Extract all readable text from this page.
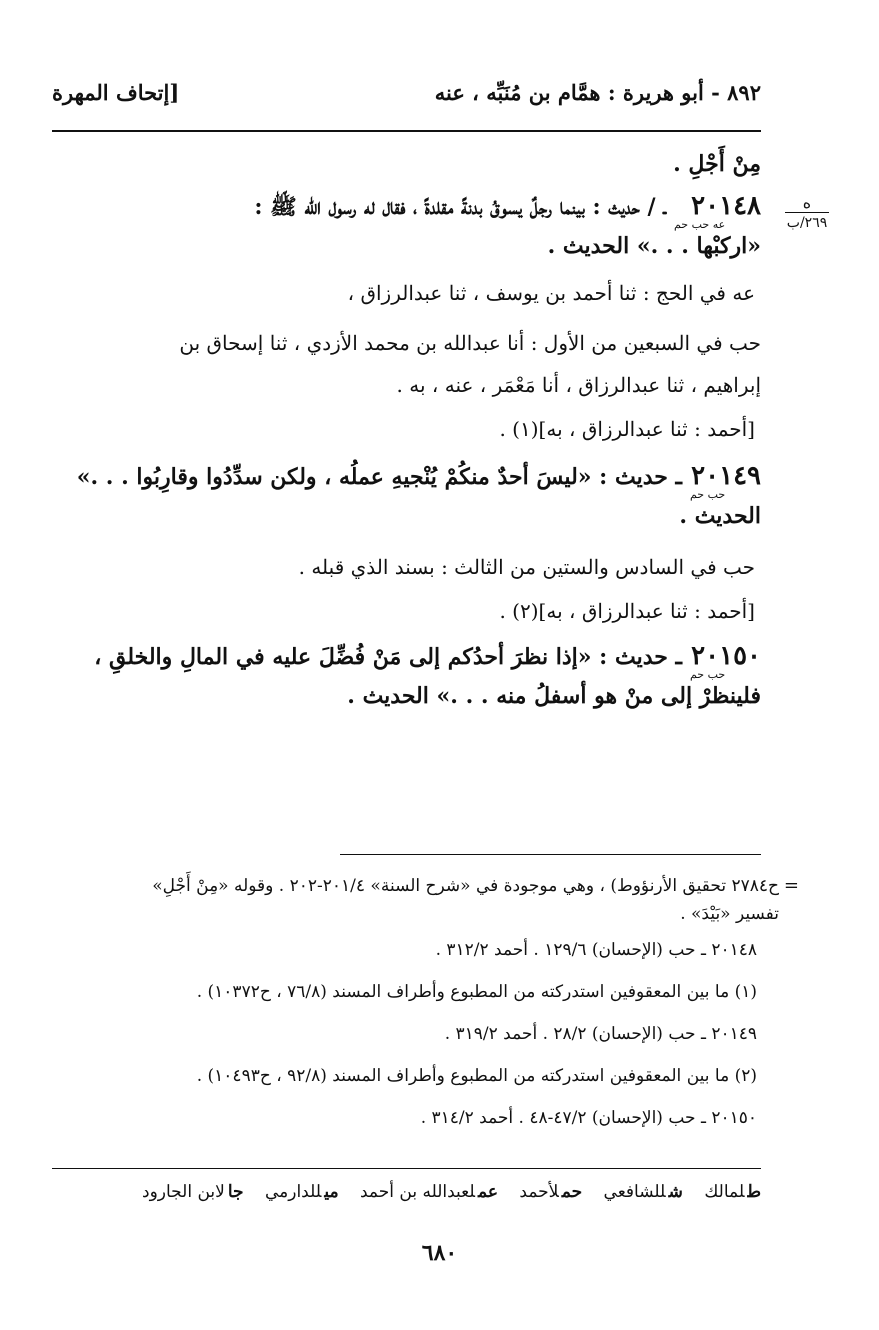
٨٩٢ - أبو هريرة : همَّام بن مُنَبِّه ، عنه
[إتحاف المهرة
ه
٢٦٩/ب
مِنْ أَجْلِ .
٢٠١٤٨عه حب حمـ / حديث : بينما رجلٌ يسوقُ بدنةً مقلدةً ، فقال له رسول الله ﷺ :
«اركبْها . . .» الحديث .
عه في الحج : ثنا أحمد بن يوسف ، ثنا عبدالرزاق ،
حب في السبعين من الأول : أنا عبدالله بن محمد الأزدي ، ثنا إسحاق بن
إبراهيم ، ثنا عبدالرزاق ، أنا مَعْمَر ، عنه ، به .
[أحمد : ثنا عبدالرزاق ، به](١) .
٢٠١٤٩حب حمـ حديث : «ليسَ أحدٌ منكُمْ يُنْجيهِ عملُه ، ولكن سدِّدُوا وقارِبُوا . . .»
الحديث .
حب في السادس والستين من الثالث : بسند الذي قبله .
[أحمد : ثنا عبدالرزاق ، به](٢) .
٢٠١٥٠حب حمـ حديث : «إذا نظرَ أحدُكم إلى مَنْ فُضِّلَ عليه في المالِ والخلقِ ،
فلينظرْ إلى منْ هو أسفلُ منه . . .» الحديث .
=
ح٢٧٨٤ تحقيق الأرنؤوط) ، وهي موجودة في «شرح السنة» ٢٠١/٤-٢٠٢ . وقوله «مِنْ أَجْلِ»
تفسير «بَيْدَ» .
٢٠١٤٨ ـ حب (الإحسان) ١٢٩/٦ . أحمد ٣١٢/٢ .
(١) ما بين المعقوفين استدركته من المطبوع وأطراف المسند (٧٦/٨ ، ح١٠٣٧٢) .
٢٠١٤٩ ـ حب (الإحسان) ٢٨/٢ . أحمد ٣١٩/٢ .
(٢) ما بين المعقوفين استدركته من المطبوع وأطراف المسند (٩٢/٨ ، ح١٠٤٩٣) .
٢٠١٥٠ ـ حب (الإحسان) ٤٧/٢-٤٨ . أحمد ٣١٤/٢ .
طلمالك شللشافعي حملأحمد عملعبدالله بن أحمد ميللدارمي جالابن الجارود
٦٨٠
